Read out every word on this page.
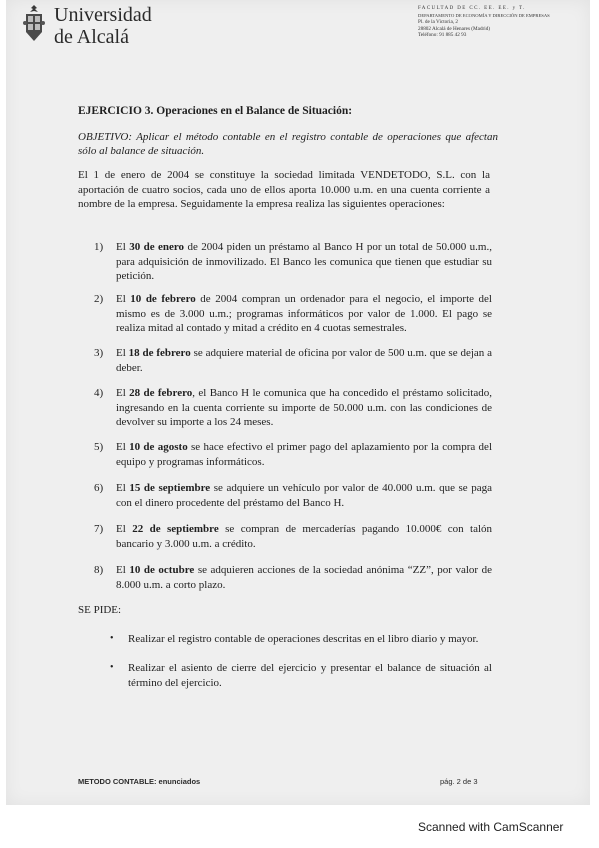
Universidad
de Alcalá
FACULTAD DE CC. EE. EE. y T.
DEPARTAMENTO DE ECONOMÍA Y DIRECCIÓN DE EMPRESAS
Pl. de la Victoria, 2
28802 Alcalá de Henares (Madrid)
Teléfono: 91 885 42 93
EJERCICIO 3. Operaciones en el Balance de Situación:
OBJETIVO: Aplicar el método contable en el registro contable de operaciones que afectan sólo al balance de situación.
El 1 de enero de 2004 se constituye la sociedad limitada VENDETODO, S.L. con la aportación de cuatro socios, cada uno de ellos aporta 10.000 u.m. en una cuenta corriente a nombre de la empresa. Seguidamente la empresa realiza las siguientes operaciones:
1) El 30 de enero de 2004 piden un préstamo al Banco H por un total de 50.000 u.m., para adquisición de inmovilizado. El Banco les comunica que tienen que estudiar su petición.
2) El 10 de febrero de 2004 compran un ordenador para el negocio, el importe del mismo es de 3.000 u.m.; programas informáticos por valor de 1.000. El pago se realiza mitad al contado y mitad a crédito en 4 cuotas semestrales.
3) El 18 de febrero se adquiere material de oficina por valor de 500 u.m. que se dejan a deber.
4) El 28 de febrero, el Banco H le comunica que ha concedido el préstamo solicitado, ingresando en la cuenta corriente su importe de 50.000 u.m. con las condiciones de devolver su importe a los 24 meses.
5) El 10 de agosto se hace efectivo el primer pago del aplazamiento por la compra del equipo y programas informáticos.
6) El 15 de septiembre se adquiere un vehículo por valor de 40.000 u.m. que se paga con el dinero procedente del préstamo del Banco H.
7) El 22 de septiembre se compran de mercaderías pagando 10.000€ con talón bancario y 3.000 u.m. a crédito.
8) El 10 de octubre se adquieren acciones de la sociedad anónima “ZZ”, por valor de 8.000 u.m. a corto plazo.
SE PIDE:
• Realizar el registro contable de operaciones descritas en el libro diario y mayor.
• Realizar el asiento de cierre del ejercicio y presentar el balance de situación al término del ejercicio.
METODO CONTABLE: enunciados	pág. 2 de 3
Scanned with CamScanner
